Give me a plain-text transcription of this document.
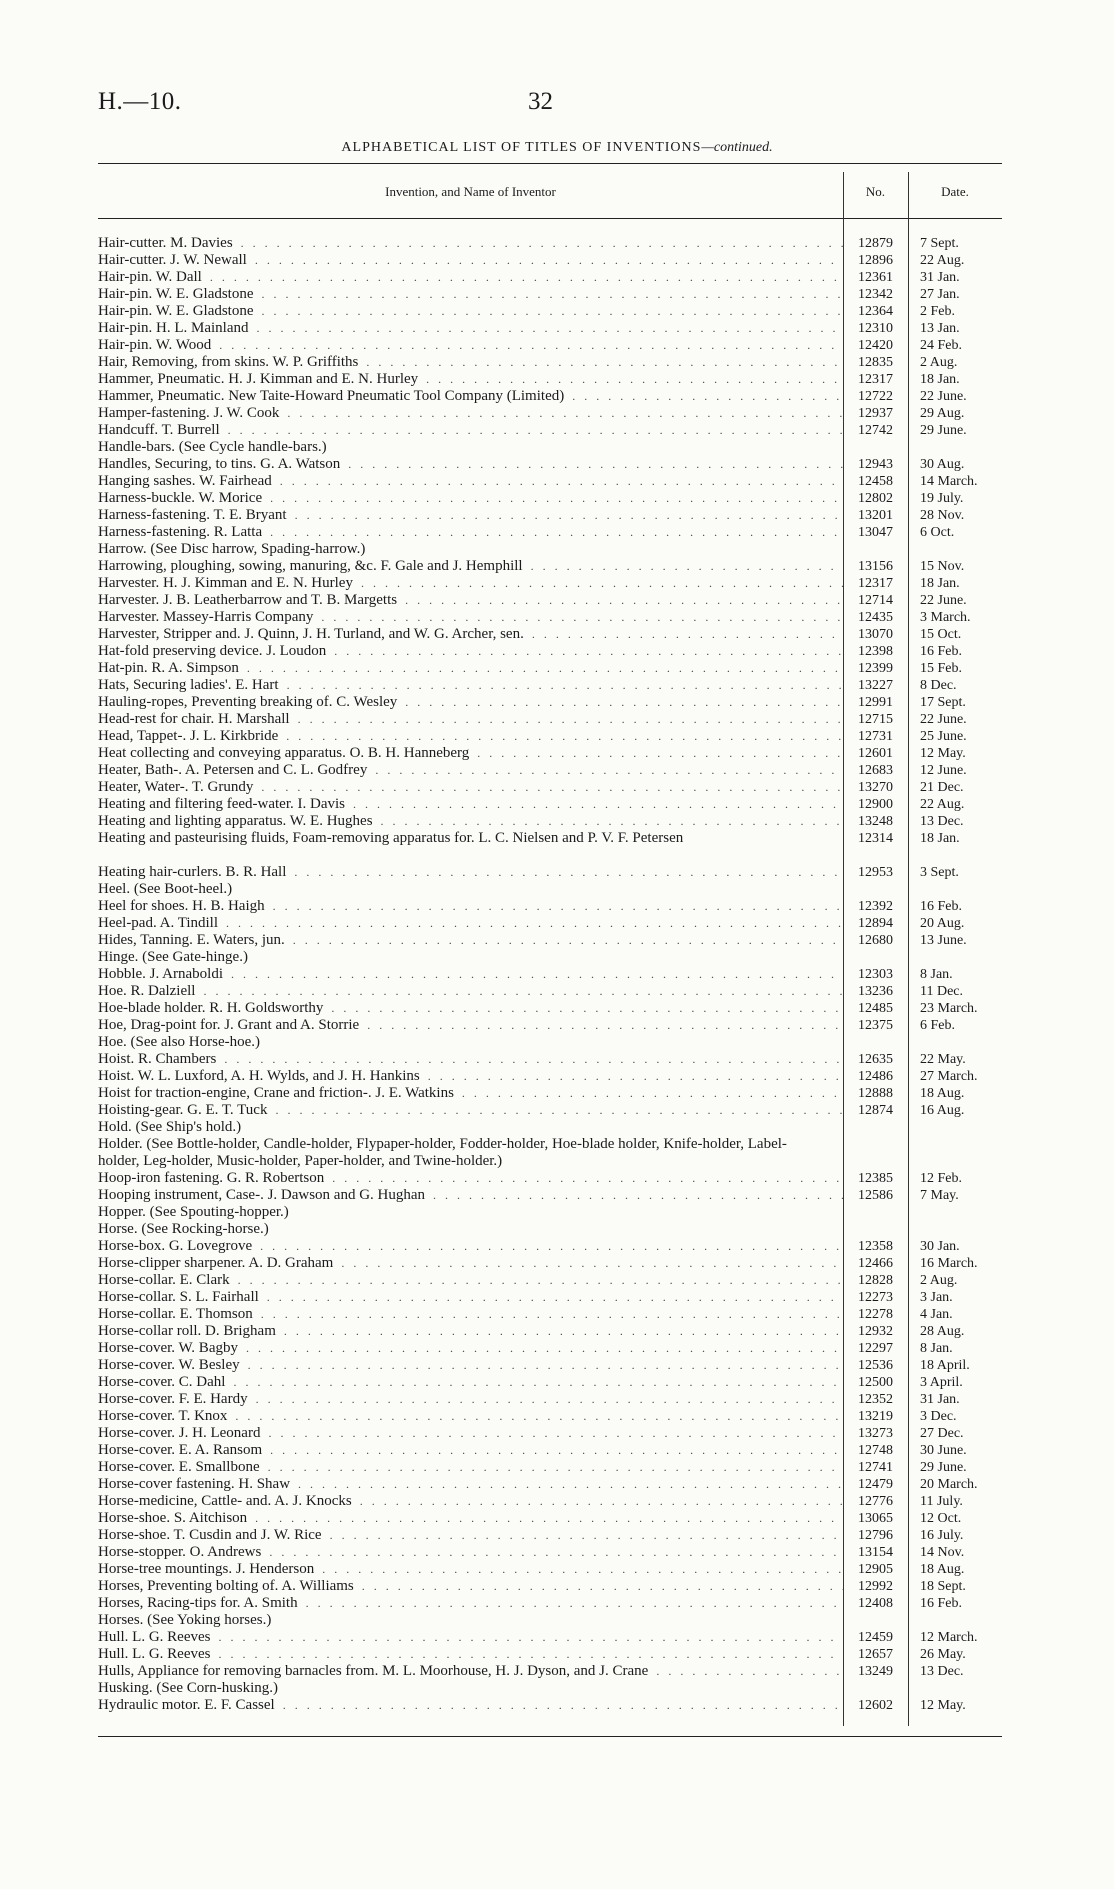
H.—10.	32
ALPHABETICAL LIST OF TITLES OF INVENTIONS—continued.
Invention, and Name of Inventor	No.	Date.
Hair-cutter. M. Davies . . .	12879	7 Sept.
Hair-cutter. J. W. Newall . . .	12896	22 Aug.
Hair-pin. W. Dall . . .	12361	31 Jan.
Hair-pin. W. E. Gladstone . . .	12342	27 Jan.
Hair-pin. W. E. Gladstone . . .	12364	2 Feb.
Hair-pin. H. L. Mainland . . .	12310	13 Jan.
Hair-pin. W. Wood . . .	12420	24 Feb.
Hair, Removing, from skins. W. P. Griffiths . . .	12835	2 Aug.
Hammer, Pneumatic. H. J. Kimman and E. N. Hurley . . .	12317	18 Jan.
Hammer, Pneumatic. New Taite-Howard Pneumatic Tool Company (Limited) . . .	12722	22 June.
Hamper-fastening. J. W. Cook . . .	12937	29 Aug.
Handcuff. T. Burrell . . .	12742	29 June.
Handle-bars. (See Cycle handle-bars.)
Handles, Securing, to tins. G. A. Watson . . .	12943	30 Aug.
Hanging sashes. W. Fairhead . . .	12458	14 March.
Harness-buckle. W. Morice . . .	12802	19 July.
Harness-fastening. T. E. Bryant . . .	13201	28 Nov.
Harness-fastening. R. Latta . . .	13047	6 Oct.
Harrow. (See Disc harrow, Spading-harrow.)
Harrowing, ploughing, sowing, manuring, &c. F. Gale and J. Hemphill . . .	13156	15 Nov.
Harvester. H. J. Kimman and E. N. Hurley . . .	12317	18 Jan.
Harvester. J. B. Leatherbarrow and T. B. Margetts . . .	12714	22 June.
Harvester. Massey-Harris Company . . .	12435	3 March.
Harvester, Stripper and. J. Quinn, J. H. Turland, and W. G. Archer, sen. . . .	13070	15 Oct.
Hat-fold preserving device. J. Loudon . . .	12398	16 Feb.
Hat-pin. R. A. Simpson . . .	12399	15 Feb.
Hats, Securing ladies'. E. Hart . . .	13227	8 Dec.
Hauling-ropes, Preventing breaking of. C. Wesley . . .	12991	17 Sept.
Head-rest for chair. H. Marshall . . .	12715	22 June.
Head, Tappet-. J. L. Kirkbride . . .	12731	25 June.
Heat collecting and conveying apparatus. O. B. H. Hanneberg . . .	12601	12 May.
Heater, Bath-. A. Petersen and C. L. Godfrey . . .	12683	12 June.
Heater, Water-. T. Grundy . . .	13270	21 Dec.
Heating and filtering feed-water. I. Davis . . .	12900	22 Aug.
Heating and lighting apparatus. W. E. Hughes . . .	13248	13 Dec.
Heating and pasteurising fluids, Foam-removing apparatus for. L. C. Nielsen and P. V. F. Petersen	12314	18 Jan.
Heating hair-curlers. B. R. Hall . . .	12953	3 Sept.
Heel. (See Boot-heel.)
Heel for shoes. H. B. Haigh . . .	12392	16 Feb.
Heel-pad. A. Tindill . . .	12894	20 Aug.
Hides, Tanning. E. Waters, jun. . . .	12680	13 June.
Hinge. (See Gate-hinge.)
Hobble. J. Arnaboldi . . .	12303	8 Jan.
Hoe. R. Dalziell . . .	13236	11 Dec.
Hoe-blade holder. R. H. Goldsworthy . . .	12485	23 March.
Hoe, Drag-point for. J. Grant and A. Storrie . . .	12375	6 Feb.
Hoe. (See also Horse-hoe.)
Hoist. R. Chambers . . .	12635	22 May.
Hoist. W. L. Luxford, A. H. Wylds, and J. H. Hankins . . .	12486	27 March.
Hoist for traction-engine, Crane and friction-. J. E. Watkins . . .	12888	18 Aug.
Hoisting-gear. G. E. T. Tuck . . .	12874	16 Aug.
Hold. (See Ship's hold.)
Holder. (See Bottle-holder, Candle-holder, Flypaper-holder, Fodder-holder, Hoe-blade holder, Knife-holder, Label-holder, Leg-holder, Music-holder, Paper-holder, and Twine-holder.)
Hoop-iron fastening. G. R. Robertson . . .	12385	12 Feb.
Hooping instrument, Case-. J. Dawson and G. Hughan . . .	12586	7 May.
Hopper. (See Spouting-hopper.)
Horse. (See Rocking-horse.)
Horse-box. G. Lovegrove . . .	12358	30 Jan.
Horse-clipper sharpener. A. D. Graham . . .	12466	16 March.
Horse-collar. E. Clark . . .	12828	2 Aug.
Horse-collar. S. L. Fairhall . . .	12273	3 Jan.
Horse-collar. E. Thomson . . .	12278	4 Jan.
Horse-collar roll. D. Brigham . . .	12932	28 Aug.
Horse-cover. W. Bagby . . .	12297	8 Jan.
Horse-cover. W. Besley . . .	12536	18 April.
Horse-cover. C. Dahl . . .	12500	3 April.
Horse-cover. F. E. Hardy . . .	12352	31 Jan.
Horse-cover. T. Knox . . .	13219	3 Dec.
Horse-cover. J. H. Leonard . . .	13273	27 Dec.
Horse-cover. E. A. Ransom . . .	12748	30 June.
Horse-cover. E. Smallbone . . .	12741	29 June.
Horse-cover fastening. H. Shaw . . .	12479	20 March.
Horse-medicine, Cattle- and. A. J. Knocks . . .	12776	11 July.
Horse-shoe. S. Aitchison . . .	13065	12 Oct.
Horse-shoe. T. Cusdin and J. W. Rice . . .	12796	16 July.
Horse-stopper. O. Andrews . . .	13154	14 Nov.
Horse-tree mountings. J. Henderson . . .	12905	18 Aug.
Horses, Preventing bolting of. A. Williams . . .	12992	18 Sept.
Horses, Racing-tips for. A. Smith . . .	12408	16 Feb.
Horses. (See Yoking horses.)
Hull. L. G. Reeves . . .	12459	12 March.
Hull. L. G. Reeves . . .	12657	26 May.
Hulls, Appliance for removing barnacles from. M. L. Moorhouse, H. J. Dyson, and J. Crane . . .	13249	13 Dec.
Husking. (See Corn-husking.)
Hydraulic motor. E. F. Cassel . . .	12602	12 May.
